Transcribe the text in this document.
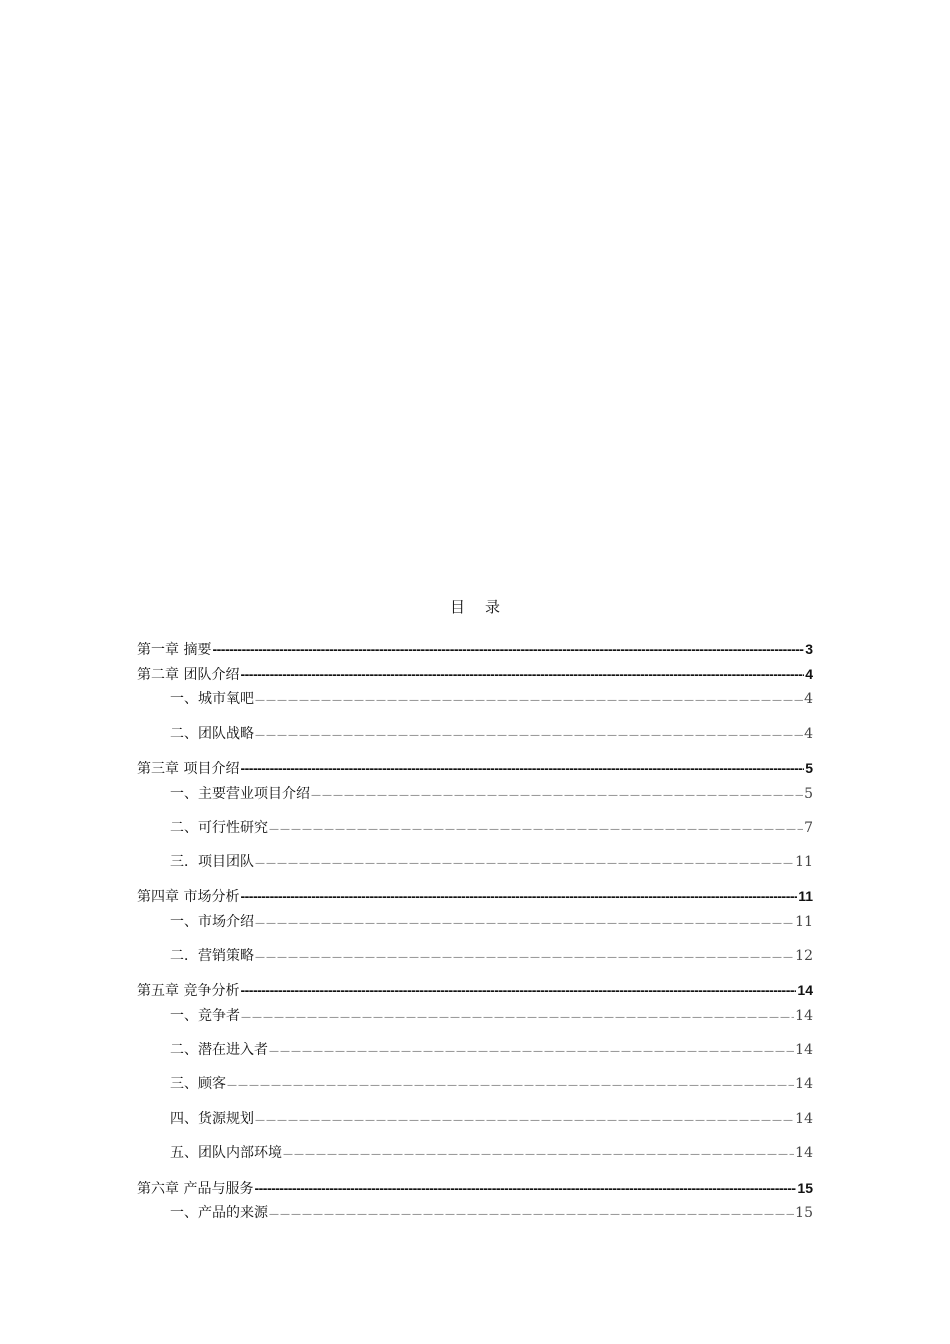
目录
第一章 摘要 -----	3
第二章 团队介绍 -----	4
一、城市氧吧 —————	4
二、团队战略 —————	4
第三章 项目介绍 -----	5
一、主要营业项目介绍 —————	5
二、可行性研究 —————	7
三．项目团队 —————	11
第四章 市场分析 -----	11
一、市场介绍 —————	11
二．营销策略 —————	12
第五章 竞争分析 -----	14
一、竞争者 —————	14
二、潜在进入者 —————	14
三、顾客 —————	14
四、货源规划 —————	14
五、团队内部环境 —————	14
第六章 产品与服务 -----	15
一、产品的来源 —————	15
